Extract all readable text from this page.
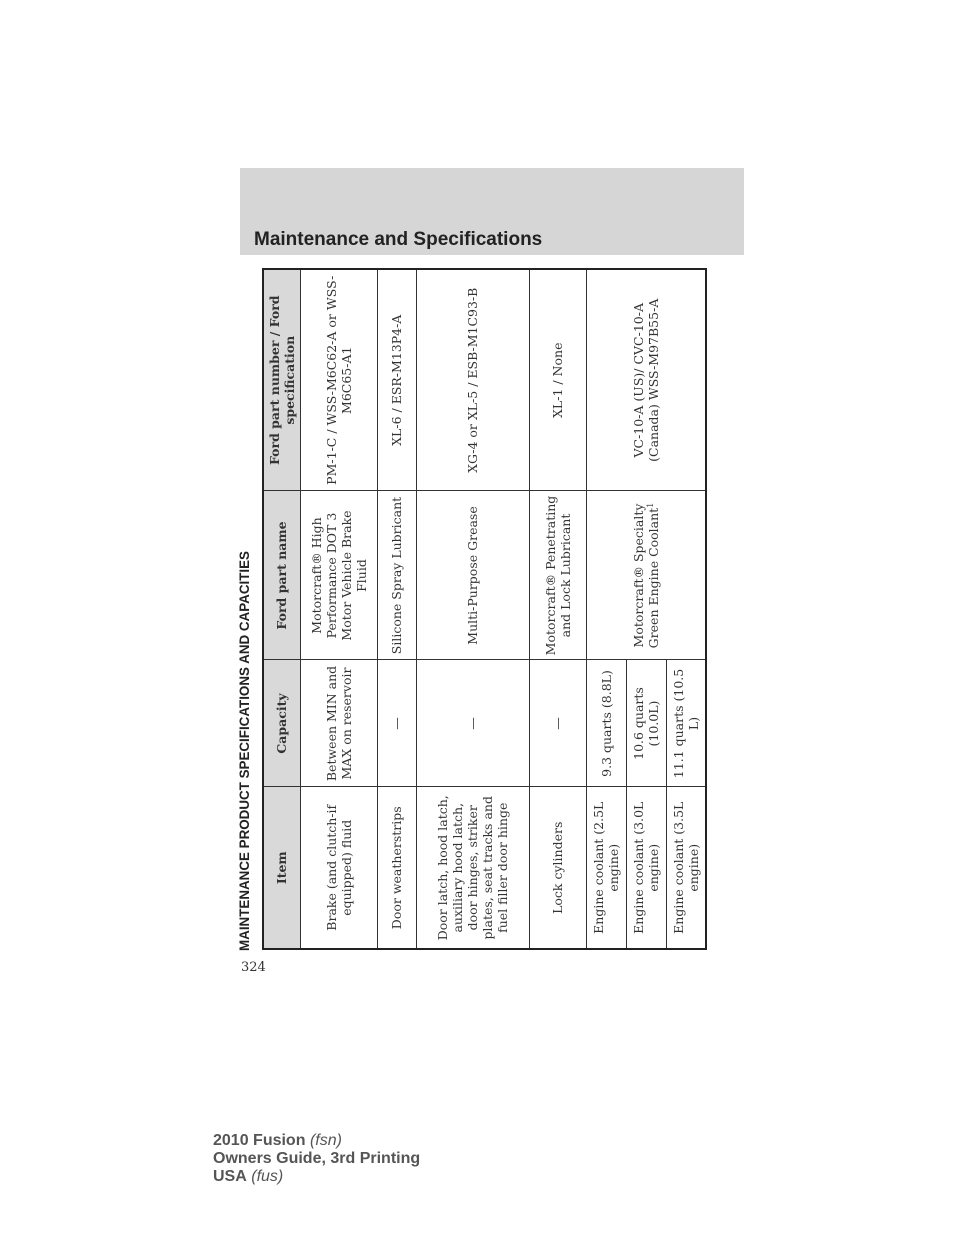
Maintenance and Specifications
MAINTENANCE PRODUCT SPECIFICATIONS AND CAPACITIES Item	Capacity	Ford part name	Ford part number / Ford specification
Brake (and clutch-if equipped) fluid	Between MIN and MAX on reservoir	Motorcraft® High Performance DOT 3 Motor Vehicle Brake Fluid	PM-1-C / WSS-M6C62-A or WSS-M6C65-A1
Door weatherstrips	—	Silicone Spray Lubricant	XL-6 / ESR-M13P4-A
Door latch, hood latch, auxiliary hood latch, door hinges, striker plates, seat tracks and fuel filler door hinge	—	Multi-Purpose Grease	XG-4 or XL-5 / ESB-M1C93-B
Lock cylinders	—	Motorcraft® Penetrating and Lock Lubricant	XL-1 / None
Engine coolant (2.5L engine)	9.3 quarts (8.8L)	Motorcraft® Specialty Green Engine Coolant$^1$	VC-10-A (US)/ CVC-10-A (Canada) WSS-M97B55-A
Engine coolant (3.0L engine)	10.6 quarts (10.0L)		
Engine coolant (3.5L engine)	11.1 quarts (10.5 L)		
324
2010 Fusion (fsn)
Owners Guide, 3rd Printing
USA (fus)
